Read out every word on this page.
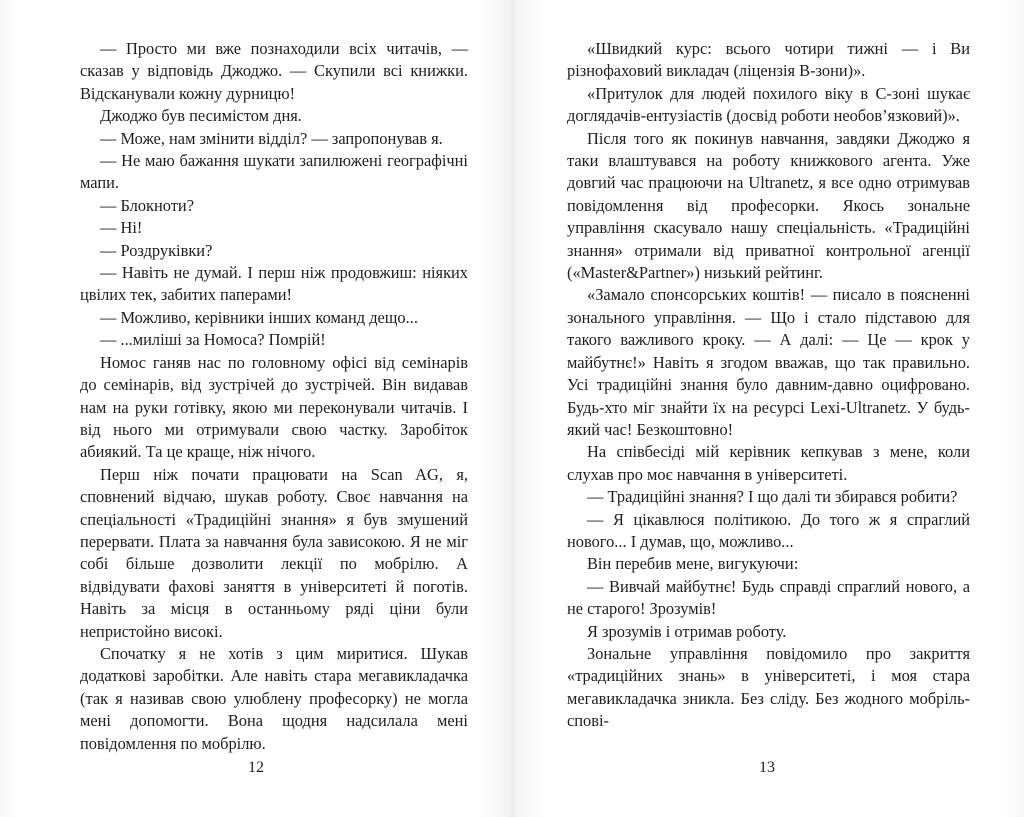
— Просто ми вже познаходили всіх читачів, — сказав у відповідь Джоджо. — Скупили всі книжки. Відсканували кожну дурницю!

Джоджо був песимістом дня.

— Може, нам змінити відділ? — запропонував я.

— Не маю бажання шукати запилюжені географічні мапи.

— Блокноти?

— Ні!

— Роздруківки?

— Навіть не думай. І перш ніж продовжиш: ніяких цвілих тек, забитих паперами!

— Можливо, керівники інших команд дещо...

— ...миліші за Номоса? Помрій!

Номос ганяв нас по головному офісі від семінарів до семінарів, від зустрічей до зустрічей. Він видавав нам на руки готівку, якою ми переконували читачів. І від нього ми отримували свою частку. Заробіток абиякий. Та це краще, ніж нічого.

Перш ніж почати працювати на Scan AG, я, сповнений відчаю, шукав роботу. Своє навчання на спеціальності «Традиційні знання» я був змушений перервати. Плата за навчання була зависокою. Я не міг собі більше дозволити лекції по мобрілю. А відвідувати фахові заняття в університеті й поготів. Навіть за місця в останньому ряді ціни були непристойно високі.

Спочатку я не хотів з цим миритися. Шукав додаткові заробітки. Але навіть стара мегавикладачка (так я називав свою улюблену професорку) не могла мені допомогти. Вона щодня надсилала мені повідомлення по мобрілю.

«Швидкий курс: всього чотири тижні — і Ви різнофаховий викладач (ліцензія B-зони)».

«Притулок для людей похилого віку в C-зоні шукає доглядачів-ентузіастів (досвід роботи необов’язковий)».

Після того як покинув навчання, завдяки Джоджо я таки влаштувався на роботу книжкового агента. Уже довгий час працюючи на Ultranetz, я все одно отримував повідомлення від професорки. Якось зональне управління скасувало нашу спеціальність. «Традиційні знання» отримали від приватної контрольної агенції («Master&Partner») низький рейтинг.

«Замало спонсорських коштів! — писало в поясненні зонального управління. — Що і стало підставою для такого важливого кроку. — А далі: — Це — крок у майбутнє!» Навіть я згодом вважав, що так правильно. Усі традиційні знання було давним-давно оцифровано. Будь-хто міг знайти їх на ресурсі Lexi-Ultranetz. У будь-який час! Безкоштовно!

На співбесіді мій керівник кепкував з мене, коли слухав про моє навчання в університеті.

— Традиційні знання? І що далі ти збирався робити?

— Я цікавлюся політикою. До того ж я спраглий нового... І думав, що, можливо...

Він перебив мене, вигукуючи:

— Вивчай майбутнє! Будь справді спраглий нового, а не старого! Зрозумів!

Я зрозумів і отримав роботу.

Зональне управління повідомило про закриття «традиційних знань» в університеті, і моя стара мегавикладачка зникла. Без сліду. Без жодного мобріль-спові-

12	13
